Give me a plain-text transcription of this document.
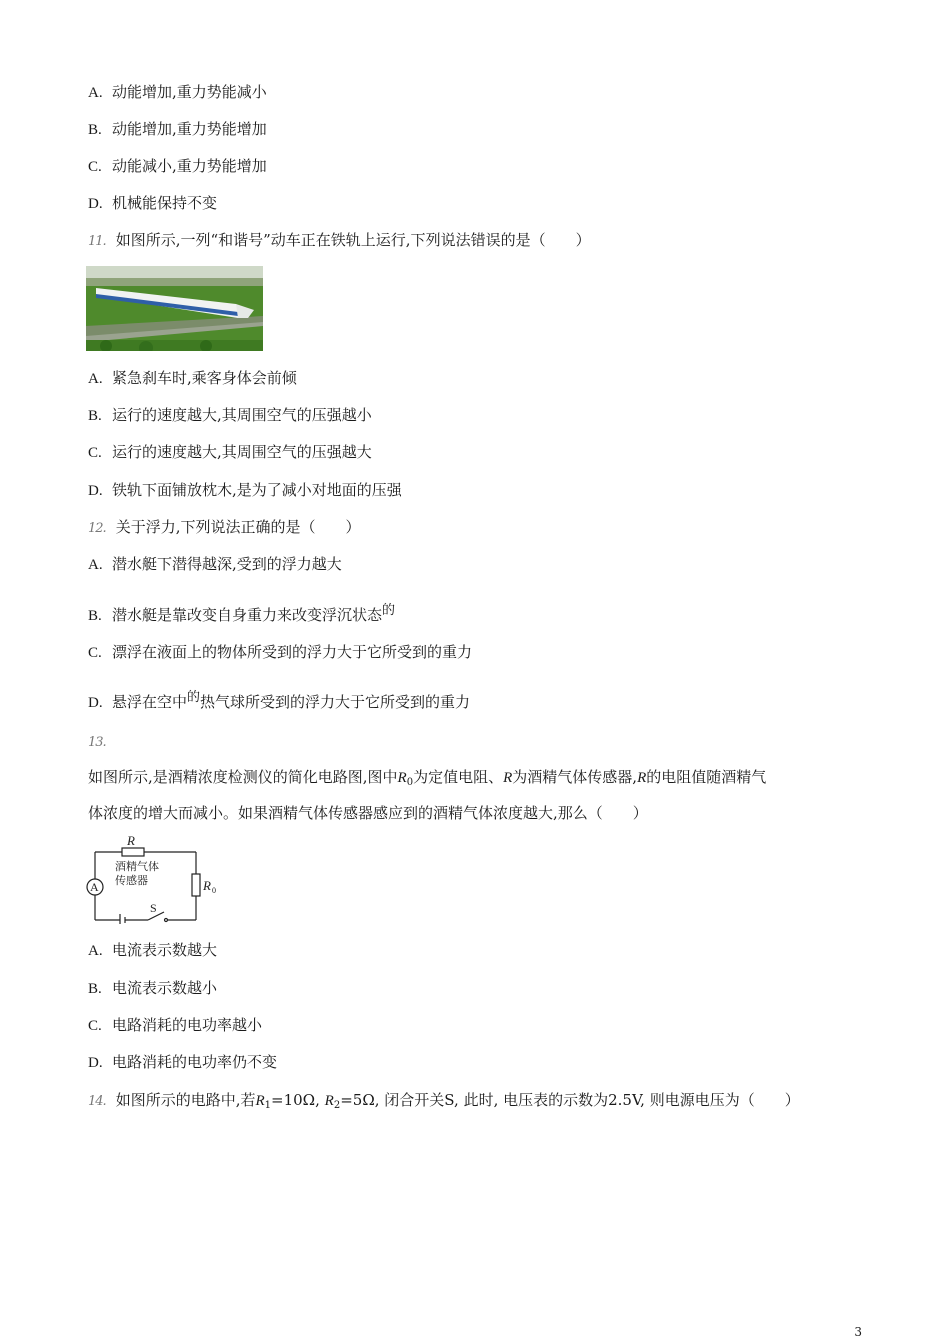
A. 动能增加,重力势能减小
B. 动能增加,重力势能增加
C. 动能减小,重力势能增加
D. 机械能保持不变
11. 如图所示,一列“和谐号”动车正在铁轨上运行,下列说法错误的是（　　）
A. 紧急刹车时,乘客身体会前倾
B. 运行的速度越大,其周围空气的压强越小
C. 运行的速度越大,其周围空气的压强越大
D. 铁轨下面铺放枕木,是为了减小对地面的压强
12. 关于浮力,下列说法正确的是（　　）
A. 潜水艇下潜得越深,受到的浮力越大
B. 潜水艇是靠改变自身重力来改变浮沉状态的
C. 漂浮在液面上的物体所受到的浮力大于它所受到的重力
D. 悬浮在空中的热气球所受到的浮力大于它所受到的重力
13.
如图所示,是酒精浓度检测仪的简化电路图,图中$R_0$为定值电阻、R为酒精气体传感器,R的电阻值随酒精气
体浓度的增大而减小。如果酒精气体传感器感应到的酒精气体浓度越大,那么（　　）
R
酒精气体
传感器	R 0
A
S
A. 电流表示数越大
B. 电流表示数越小
C. 电路消耗的电功率越小
D. 电路消耗的电功率仍不变
14. 如图所示的电路中,若$R_1=10\Omega$, $R_2=5\Omega$, 闭合开关S, 此时, 电压表的示数为2.5V, 则电源电压为（　　）
3
